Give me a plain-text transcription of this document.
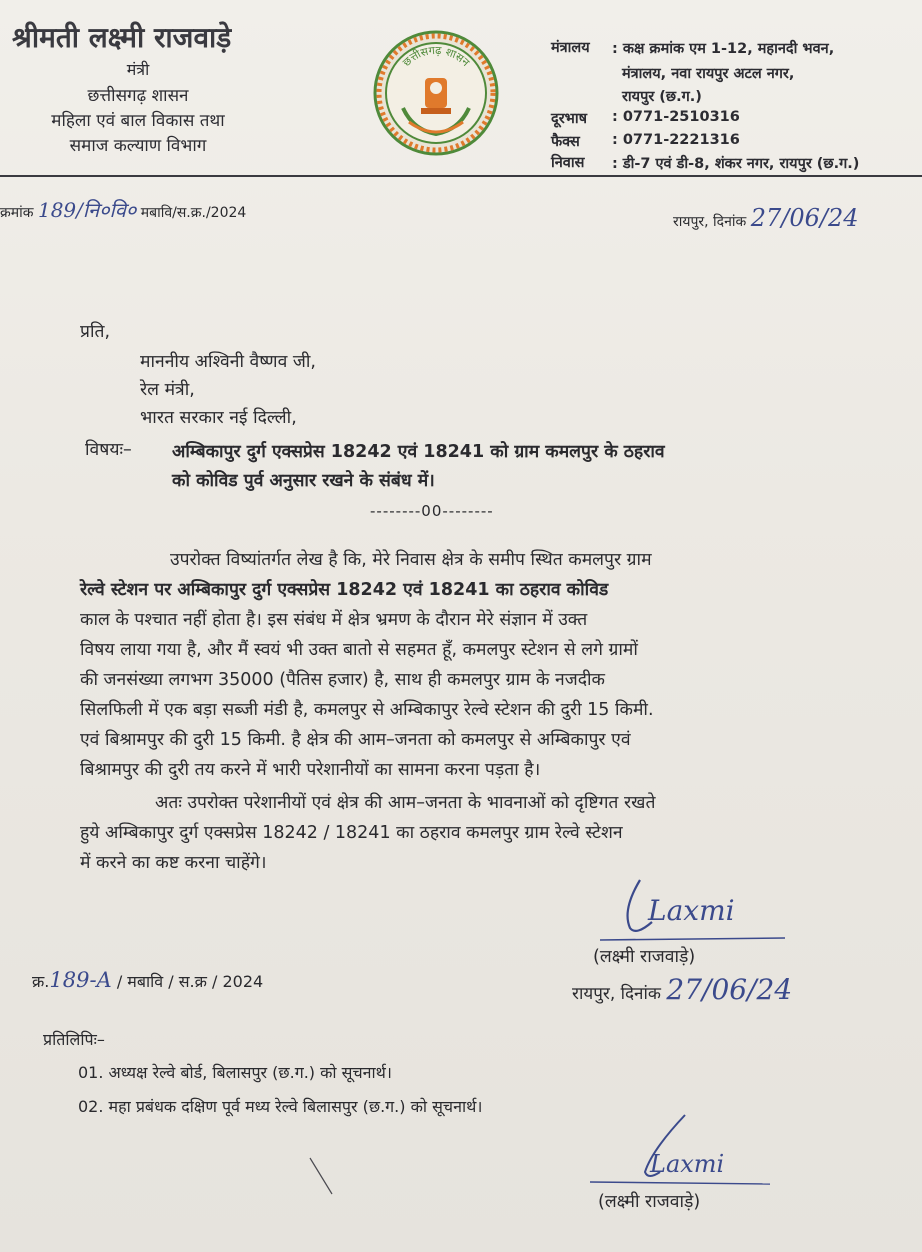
श्रीमती लक्ष्मी राजवाड़े
मंत्री
छत्तीसगढ़ शासन
महिला एवं बाल विकास तथा
समाज कल्याण विभाग
छत्तीसगढ़ शासन
मंत्रालय : कक्ष क्रमांक एम 1-12, महानदी भवन,
मंत्रालय, नवा रायपुर अटल नगर,
रायपुर (छ.ग.)
दूरभाष : 0771-2510316
फैक्स : 0771-2221316
निवास : डी-7 एवं डी-8, शंकर नगर, रायपुर (छ.ग.)
क्रमांक 189/नि०वि० मबावि/स.क्र./2024
रायपुर, दिनांक 27/06/24
प्रति,
माननीय अश्विनी वैष्णव जी,
रेल मंत्री,
भारत सरकार नई दिल्ली,
विषयः– अम्बिकापुर दुर्ग एक्सप्रेस 18242 एवं 18241 को ग्राम कमलपुर के ठहराव
को कोविड पुर्व अनुसार रखने के संबंध में।
--------00--------
उपरोक्त विष्यांतर्गत लेख है कि, मेरे निवास क्षेत्र के समीप स्थित कमलपुर ग्राम
रेल्वे स्टेशन पर अम्बिकापुर दुर्ग एक्सप्रेस 18242 एवं 18241 का ठहराव कोविड
काल के पश्चात नहीं होता है। इस संबंध में क्षेत्र भ्रमण के दौरान मेरे संज्ञान में उक्त
विषय लाया गया है, और मैं स्वयं भी उक्त बातो से सहमत हूँ, कमलपुर स्टेशन से लगे ग्रामों
की जनसंख्या लगभग 35000 (पैतिस हजार) है, साथ ही कमलपुर ग्राम के नजदीक
सिलफिली में एक बड़ा सब्जी मंडी है, कमलपुर से अम्बिकापुर रेल्वे स्टेशन की दुरी 15 किमी.
एवं बिश्रामपुर की दुरी 15 किमी. है क्षेत्र की आम–जनता को कमलपुर से अम्बिकापुर एवं
बिश्रामपुर की दुरी तय करने में भारी परेशानीयों का सामना करना पड़ता है।
अतः उपरोक्त परेशानीयों एवं क्षेत्र की आम–जनता के भावनाओं को दृष्टिगत रखते
हुये अम्बिकापुर दुर्ग एक्सप्रेस 18242 / 18241 का ठहराव कमलपुर ग्राम रेल्वे स्टेशन
में करने का कष्ट करना चाहेंगे।
Laxmi
(लक्ष्मी राजवाड़े)
क्र.189-A / मबावि / स.क्र / 2024
रायपुर, दिनांक 27/06/24
प्रतिलिपिः–
01. अध्यक्ष रेल्वे बोर्ड, बिलासपुर (छ.ग.) को सूचनार्थ।
02. महा प्रबंधक दक्षिण पूर्व मध्य रेल्वे बिलासपुर (छ.ग.) को सूचनार्थ।
Laxmi
(लक्ष्मी राजवाड़े)
